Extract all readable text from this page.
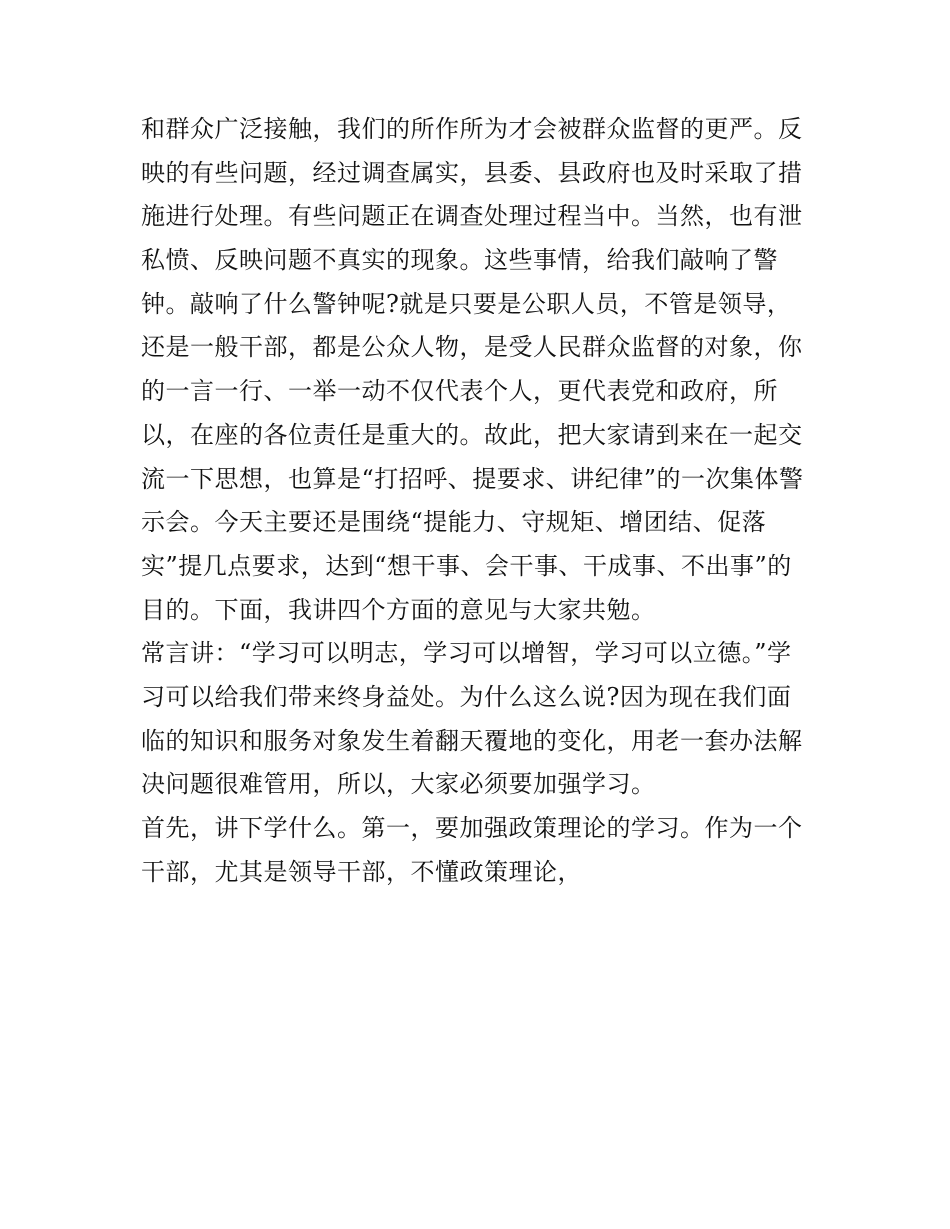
和群众广泛接触，我们的所作所为才会被群众监督的更严。反
映的有些问题，经过调查属实，县委、县政府也及时采取了措
施进行处理。有些问题正在调查处理过程当中。当然，也有泄
私愤、反映问题不真实的现象。这些事情，给我们敲响了警
钟。敲响了什么警钟呢?就是只要是公职人员，不管是领导，
还是一般干部，都是公众人物，是受人民群众监督的对象，你
的一言一行、一举一动不仅代表个人，更代表党和政府，所
以，在座的各位责任是重大的。故此，把大家请到来在一起交
流一下思想，也算是“打招呼、提要求、讲纪律”的一次集体警
示会。今天主要还是围绕“提能力、守规矩、增团结、促落
实”提几点要求，达到“想干事、会干事、干成事、不出事”的
目的。下面，我讲四个方面的意见与大家共勉。
常言讲：“学习可以明志，学习可以增智，学习可以立德。”学
习可以给我们带来终身益处。为什么这么说?因为现在我们面
临的知识和服务对象发生着翻天覆地的变化，用老一套办法解
决问题很难管用，所以，大家必须要加强学习。
首先，讲下学什么。第一，要加强政策理论的学习。作为一个
干部，尤其是领导干部，不懂政策理论，
